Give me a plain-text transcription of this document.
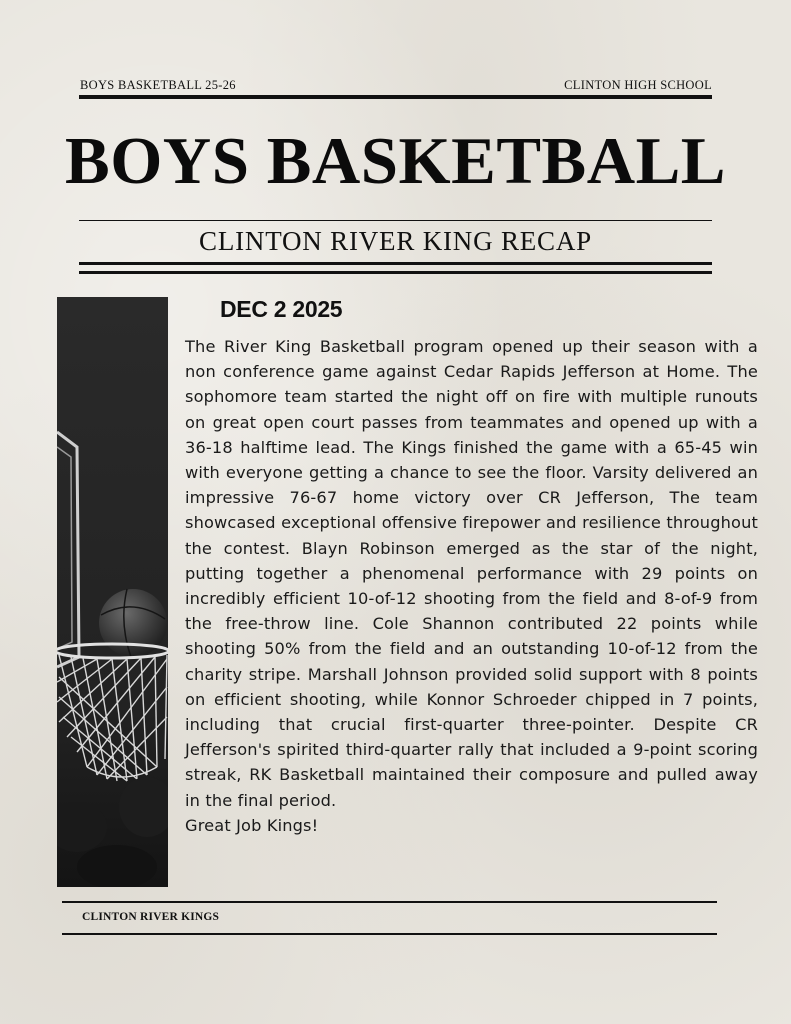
BOYS BASKETBALL 25-26	CLINTON HIGH SCHOOL
BOYS BASKETBALL
CLINTON RIVER KING RECAP
DEC 2 2025

The River King Basketball program opened up their season with a non conference game against Cedar Rapids Jefferson at Home. The sophomore team started the night off on fire with multiple runouts on great open court passes from teammates and opened up with a 36-18 halftime lead. The Kings finished the game with a 65-45 win with everyone getting a chance to see the floor. Varsity delivered an impressive 76-67 home victory over CR Jefferson, The team showcased exceptional offensive firepower and resilience throughout the contest. Blayn Robinson emerged as the star of the night, putting together a phenomenal performance with 29 points on incredibly efficient 10-of-12 shooting from the field and 8-of-9 from the free-throw line. Cole Shannon contributed 22 points while shooting 50% from the field and an outstanding 10-of-12 from the charity stripe. Marshall Johnson provided solid support with 8 points on efficient shooting, while Konnor Schroeder chipped in 7 points, including that crucial first-quarter three-pointer. Despite CR Jefferson's spirited third-quarter rally that included a 9-point scoring streak, RK Basketball maintained their composure and pulled away in the final period.

Great Job Kings!

CLINTON RIVER KINGS
